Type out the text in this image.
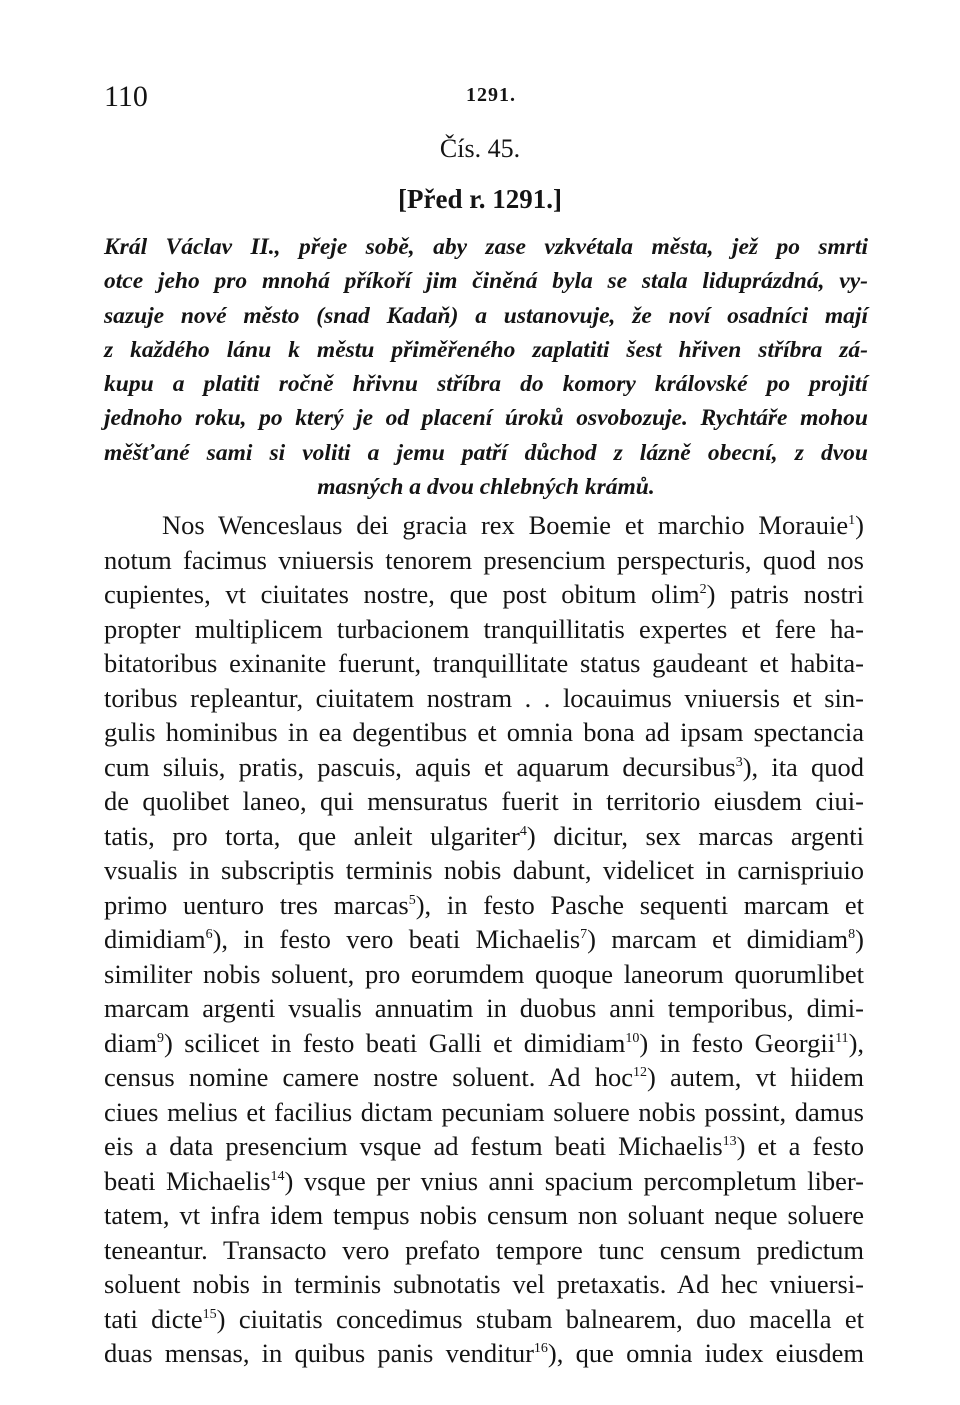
110	1291.
Čís. 45.
[Před r. 1291.]
Král Václav II., přeje sobě, aby zase vzkvétala města, jež po smrti
otce jeho pro mnohá příkoří jim činěná byla se stala liduprázdná, vy-
sazuje nové město (snad Kadaň) a ustanovuje, že noví osadníci mají
z každého lánu k městu přiměřeného zaplatiti šest hřiven stříbra zá-
kupu a platiti ročně hřivnu stříbra do komory královské po projití
jednoho roku, po který je od placení úroků osvobozuje. Rychtáře mohou
měšťané sami si voliti a jemu patří důchod z lázně obecní, z dvou
masných a dvou chlebných krámů.
Nos Wenceslaus dei gracia rex Boemie et marchio Morauie$^1$)
notum facimus vniuersis tenorem presencium perspecturis, quod nos
cupientes, vt ciuitates nostre, que post obitum olim$^2$) patris nostri
propter multiplicem turbacionem tranquillitatis expertes et fere ha-
bitatoribus exinanite fuerunt, tranquillitate status gaudeant et habita-
toribus repleantur, ciuitatem nostram . . locauimus vniuersis et sin-
gulis hominibus in ea degentibus et omnia bona ad ipsam spectancia
cum siluis, pratis, pascuis, aquis et aquarum decursibus$^3$), ita quod
de quolibet laneo, qui mensuratus fuerit in territorio eiusdem ciui-
tatis, pro torta, que anleit ulgariter$^4$) dicitur, sex marcas argenti
vsualis in subscriptis terminis nobis dabunt, videlicet in carnispriuio
primo uenturo tres marcas$^5$), in festo Pasche sequenti marcam et
dimidiam$^6$), in festo vero beati Michaelis$^7$) marcam et dimidiam$^8$)
similiter nobis soluent, pro eorumdem quoque laneorum quorumlibet
marcam argenti vsualis annuatim in duobus anni temporibus, dimi-
diam$^9$) scilicet in festo beati Galli et dimidiam$^{10}$) in festo Georgii$^{11}$),
census nomine camere nostre soluent. Ad hoc$^{12}$) autem, vt hiidem
ciues melius et facilius dictam pecuniam soluere nobis possint, damus
eis a data presencium vsque ad festum beati Michaelis$^{13}$) et a festo
beati Michaelis$^{14}$) vsque per vnius anni spacium percompletum liber-
tatem, vt infra idem tempus nobis censum non soluant neque soluere
teneantur. Transacto vero prefato tempore tunc censum predictum
soluent nobis in terminis subnotatis vel pretaxatis. Ad hec vniuersi-
tati dicte$^{15}$) ciuitatis concedimus stubam balnearem, duo macella et
duas mensas, in quibus panis venditur$^{16}$), que omnia iudex eiusdem
